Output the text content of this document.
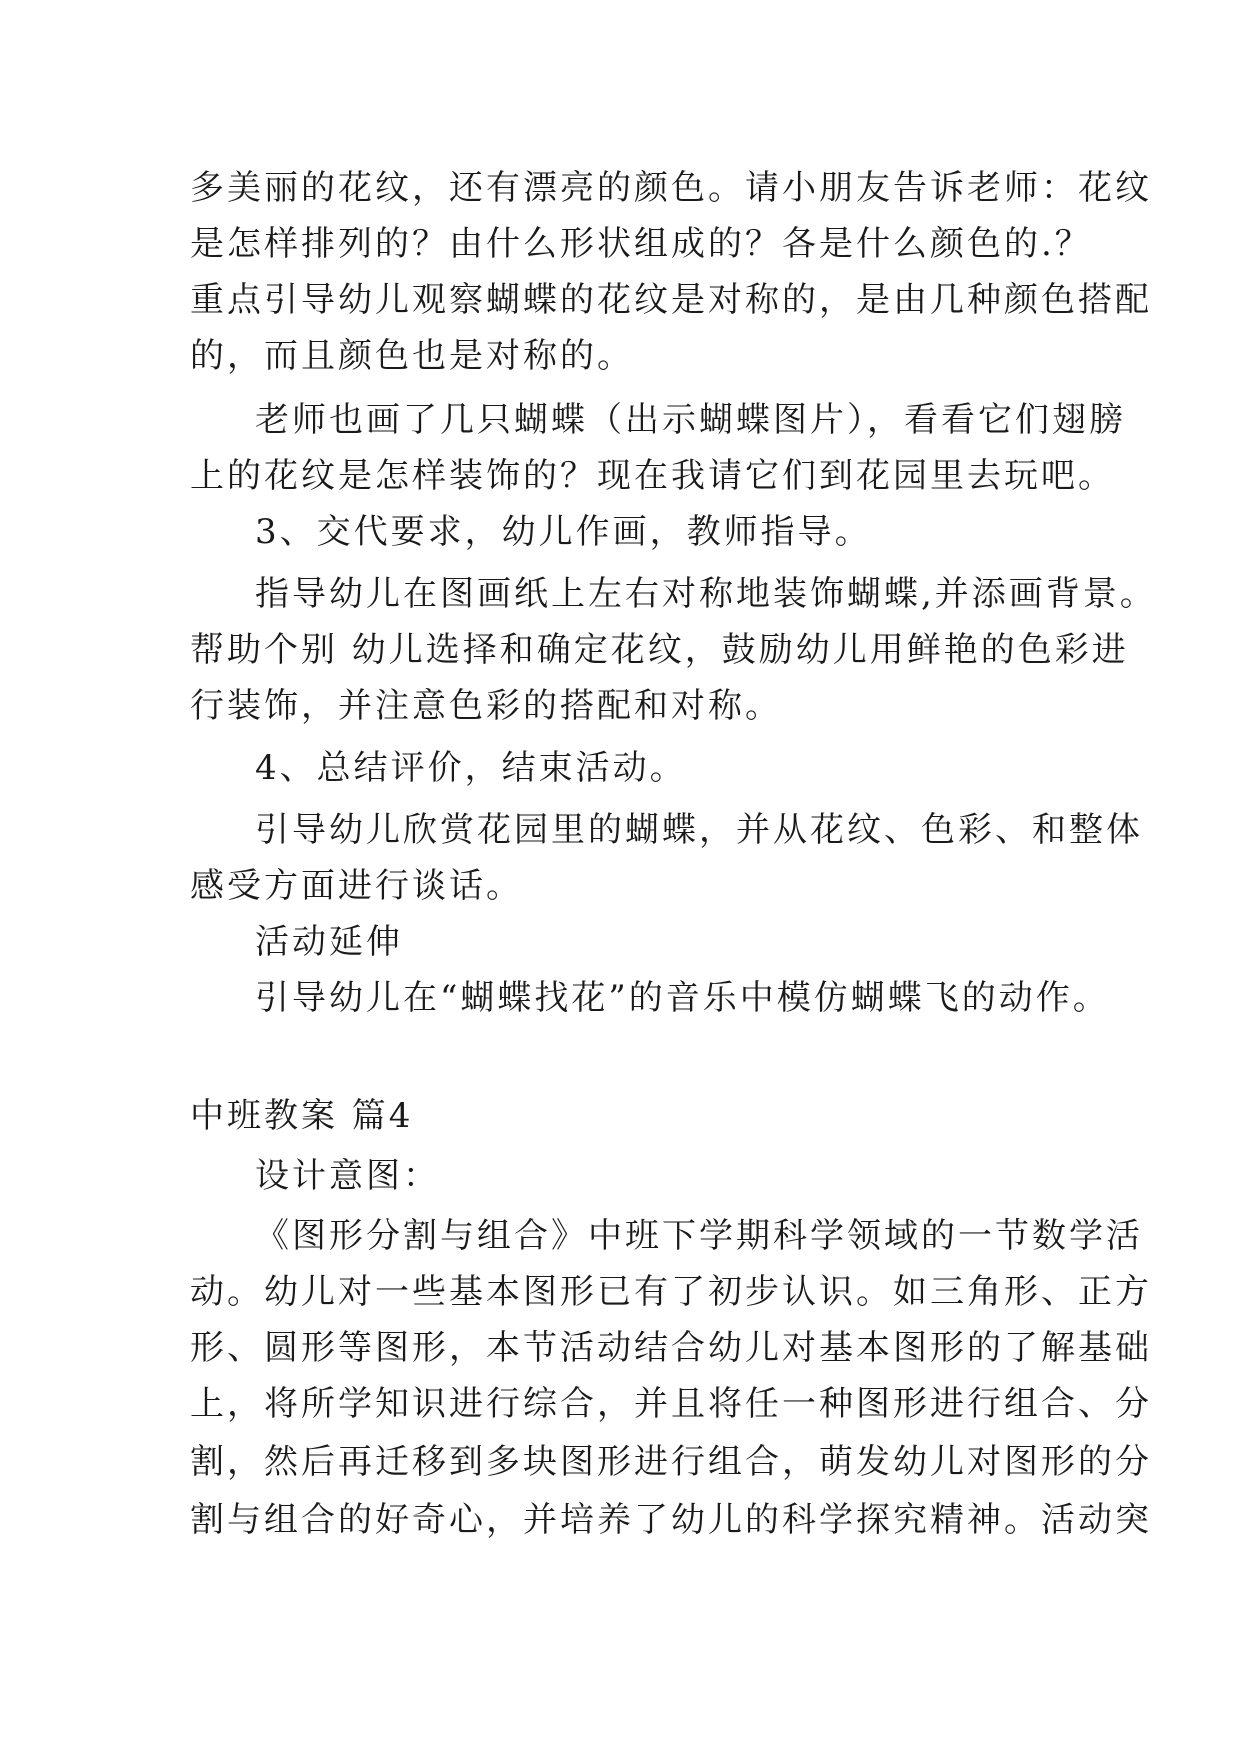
多美丽的花纹，还有漂亮的颜色。请小朋友告诉老师：花纹
是怎样排列的？由什么形状组成的？各是什么颜色的.？
重点引导幼儿观察蝴蝶的花纹是对称的，是由几种颜色搭配
的，而且颜色也是对称的。
老师也画了几只蝴蝶（出示蝴蝶图片），看看它们翅膀
上的花纹是怎样装饰的？现在我请它们到花园里去玩吧。
3、交代要求，幼儿作画，教师指导。
指导幼儿在图画纸上左右对称地装饰蝴蝶,并添画背景。
帮助个别 幼儿选择和确定花纹，鼓励幼儿用鲜艳的色彩进
行装饰，并注意色彩的搭配和对称。
4、总结评价，结束活动。
引导幼儿欣赏花园里的蝴蝶，并从花纹、色彩、和整体
感受方面进行谈话。
活动延伸
引导幼儿在“蝴蝶找花”的音乐中模仿蝴蝶飞的动作。
中班教案 篇4
设计意图：
《图形分割与组合》中班下学期科学领域的一节数学活
动。幼儿对一些基本图形已有了初步认识。如三角形、正方
形、圆形等图形，本节活动结合幼儿对基本图形的了解基础
上，将所学知识进行综合，并且将任一种图形进行组合、分
割，然后再迁移到多块图形进行组合，萌发幼儿对图形的分
割与组合的好奇心，并培养了幼儿的科学探究精神。活动突
